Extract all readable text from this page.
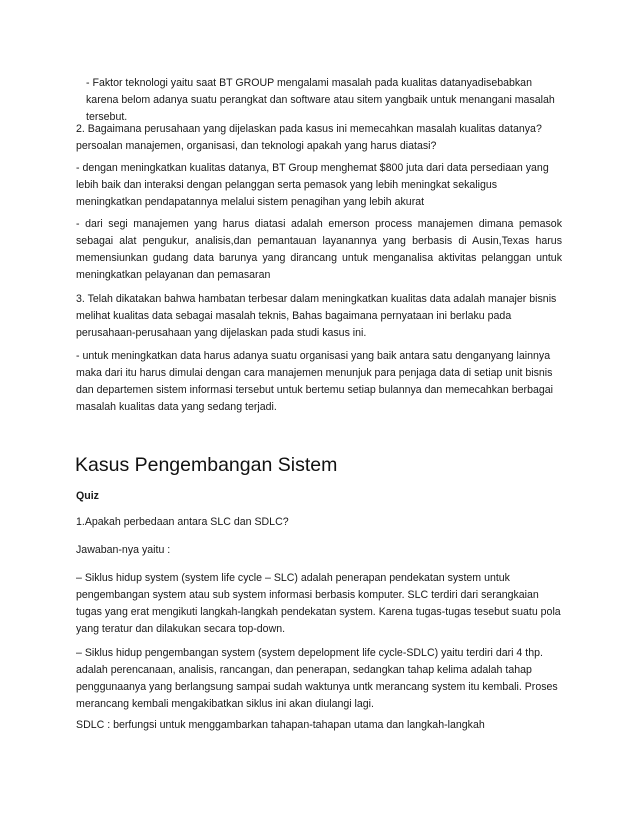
- Faktor teknologi yaitu saat BT GROUP mengalami masalah pada kualitas datanyadisebabkan karena belom adanya suatu perangkat dan software atau sitem yangbaik untuk menangani masalah tersebut.

2. Bagaimana perusahaan yang dijelaskan pada kasus ini memecahkan masalah kualitas datanya? persoalan manajemen, organisasi, dan teknologi apakah yang harus diatasi?

- dengan meningkatkan kualitas datanya, BT Group menghemat $800 juta dari data persediaan yang lebih baik dan interaksi dengan pelanggan serta pemasok yang lebih meningkat sekaligus meningkatkan pendapatannya melalui sistem penagihan yang lebih akurat

- dari segi manajemen yang harus diatasi adalah emerson process manajemen dimana pemasok sebagai alat pengukur, analisis,dan pemantauan layanannya yang berbasis di Ausin,Texas harus memensiunkan gudang data barunya yang dirancang untuk menganalisa aktivitas pelanggan untuk meningkatkan pelayanan dan pemasaran

3. Telah dikatakan bahwa hambatan terbesar dalam meningkatkan kualitas data adalah manajer bisnis melihat kualitas data sebagai masalah teknis, Bahas bagaimana pernyataan ini berlaku pada perusahaan-perusahaan yang dijelaskan pada studi kasus ini.

- untuk meningkatkan data harus adanya suatu organisasi yang baik antara satu denganyang lainnya maka dari itu harus dimulai dengan cara manajemen menunjuk para penjaga data di setiap unit bisnis dan departemen sistem informasi tersebut untuk bertemu setiap bulannya dan memecahkan berbagai masalah kualitas data yang sedang terjadi.

Kasus Pengembangan Sistem

Quiz

1.Apakah perbedaan antara SLC dan SDLC?

Jawaban-nya yaitu :

– Siklus hidup system (system life cycle – SLC) adalah penerapan pendekatan system untuk pengembangan system atau sub system informasi berbasis komputer. SLC terdiri dari serangkaian tugas yang erat mengikuti langkah-langkah pendekatan system. Karena tugas-tugas tesebut suatu pola yang teratur dan dilakukan secara top-down.

– Siklus hidup pengembangan system (system depelopment life cycle-SDLC) yaitu terdiri dari 4 thp. adalah perencanaan, analisis, rancangan, dan penerapan, sedangkan tahap kelima adalah tahap penggunaanya yang berlangsung sampai sudah waktunya untk merancang system itu kembali. Proses merancang kembali mengakibatkan siklus ini akan diulangi lagi.

SDLC : berfungsi untuk menggambarkan tahapan-tahapan utama dan langkah-langkah
